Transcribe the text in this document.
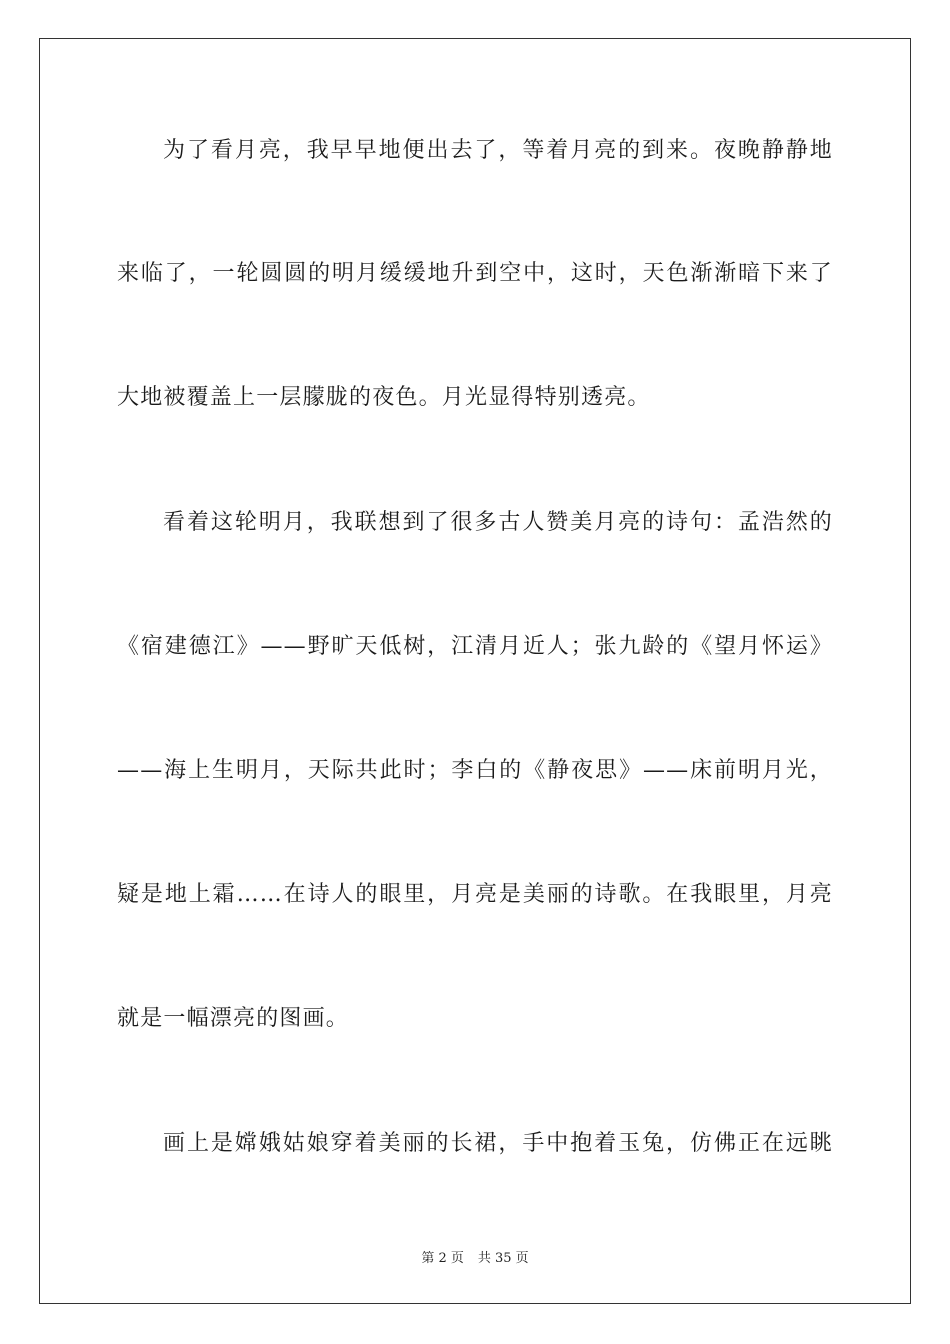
为了看月亮，我早早地便出去了，等着月亮的到来。夜晚静静地
来临了，一轮圆圆的明月缓缓地升到空中，这时，天色渐渐暗下来了
大地被覆盖上一层朦胧的夜色。月光显得特别透亮。
看着这轮明月，我联想到了很多古人赞美月亮的诗句：孟浩然的
《宿建德江》——野旷天低树，江清月近人；张九龄的《望月怀运》
——海上生明月，天际共此时；李白的《静夜思》——床前明月光，
疑是地上霜……在诗人的眼里，月亮是美丽的诗歌。在我眼里，月亮
就是一幅漂亮的图画。
画上是嫦娥姑娘穿着美丽的长裙，手中抱着玉兔，仿佛正在远眺
第 2 页 共 35 页
